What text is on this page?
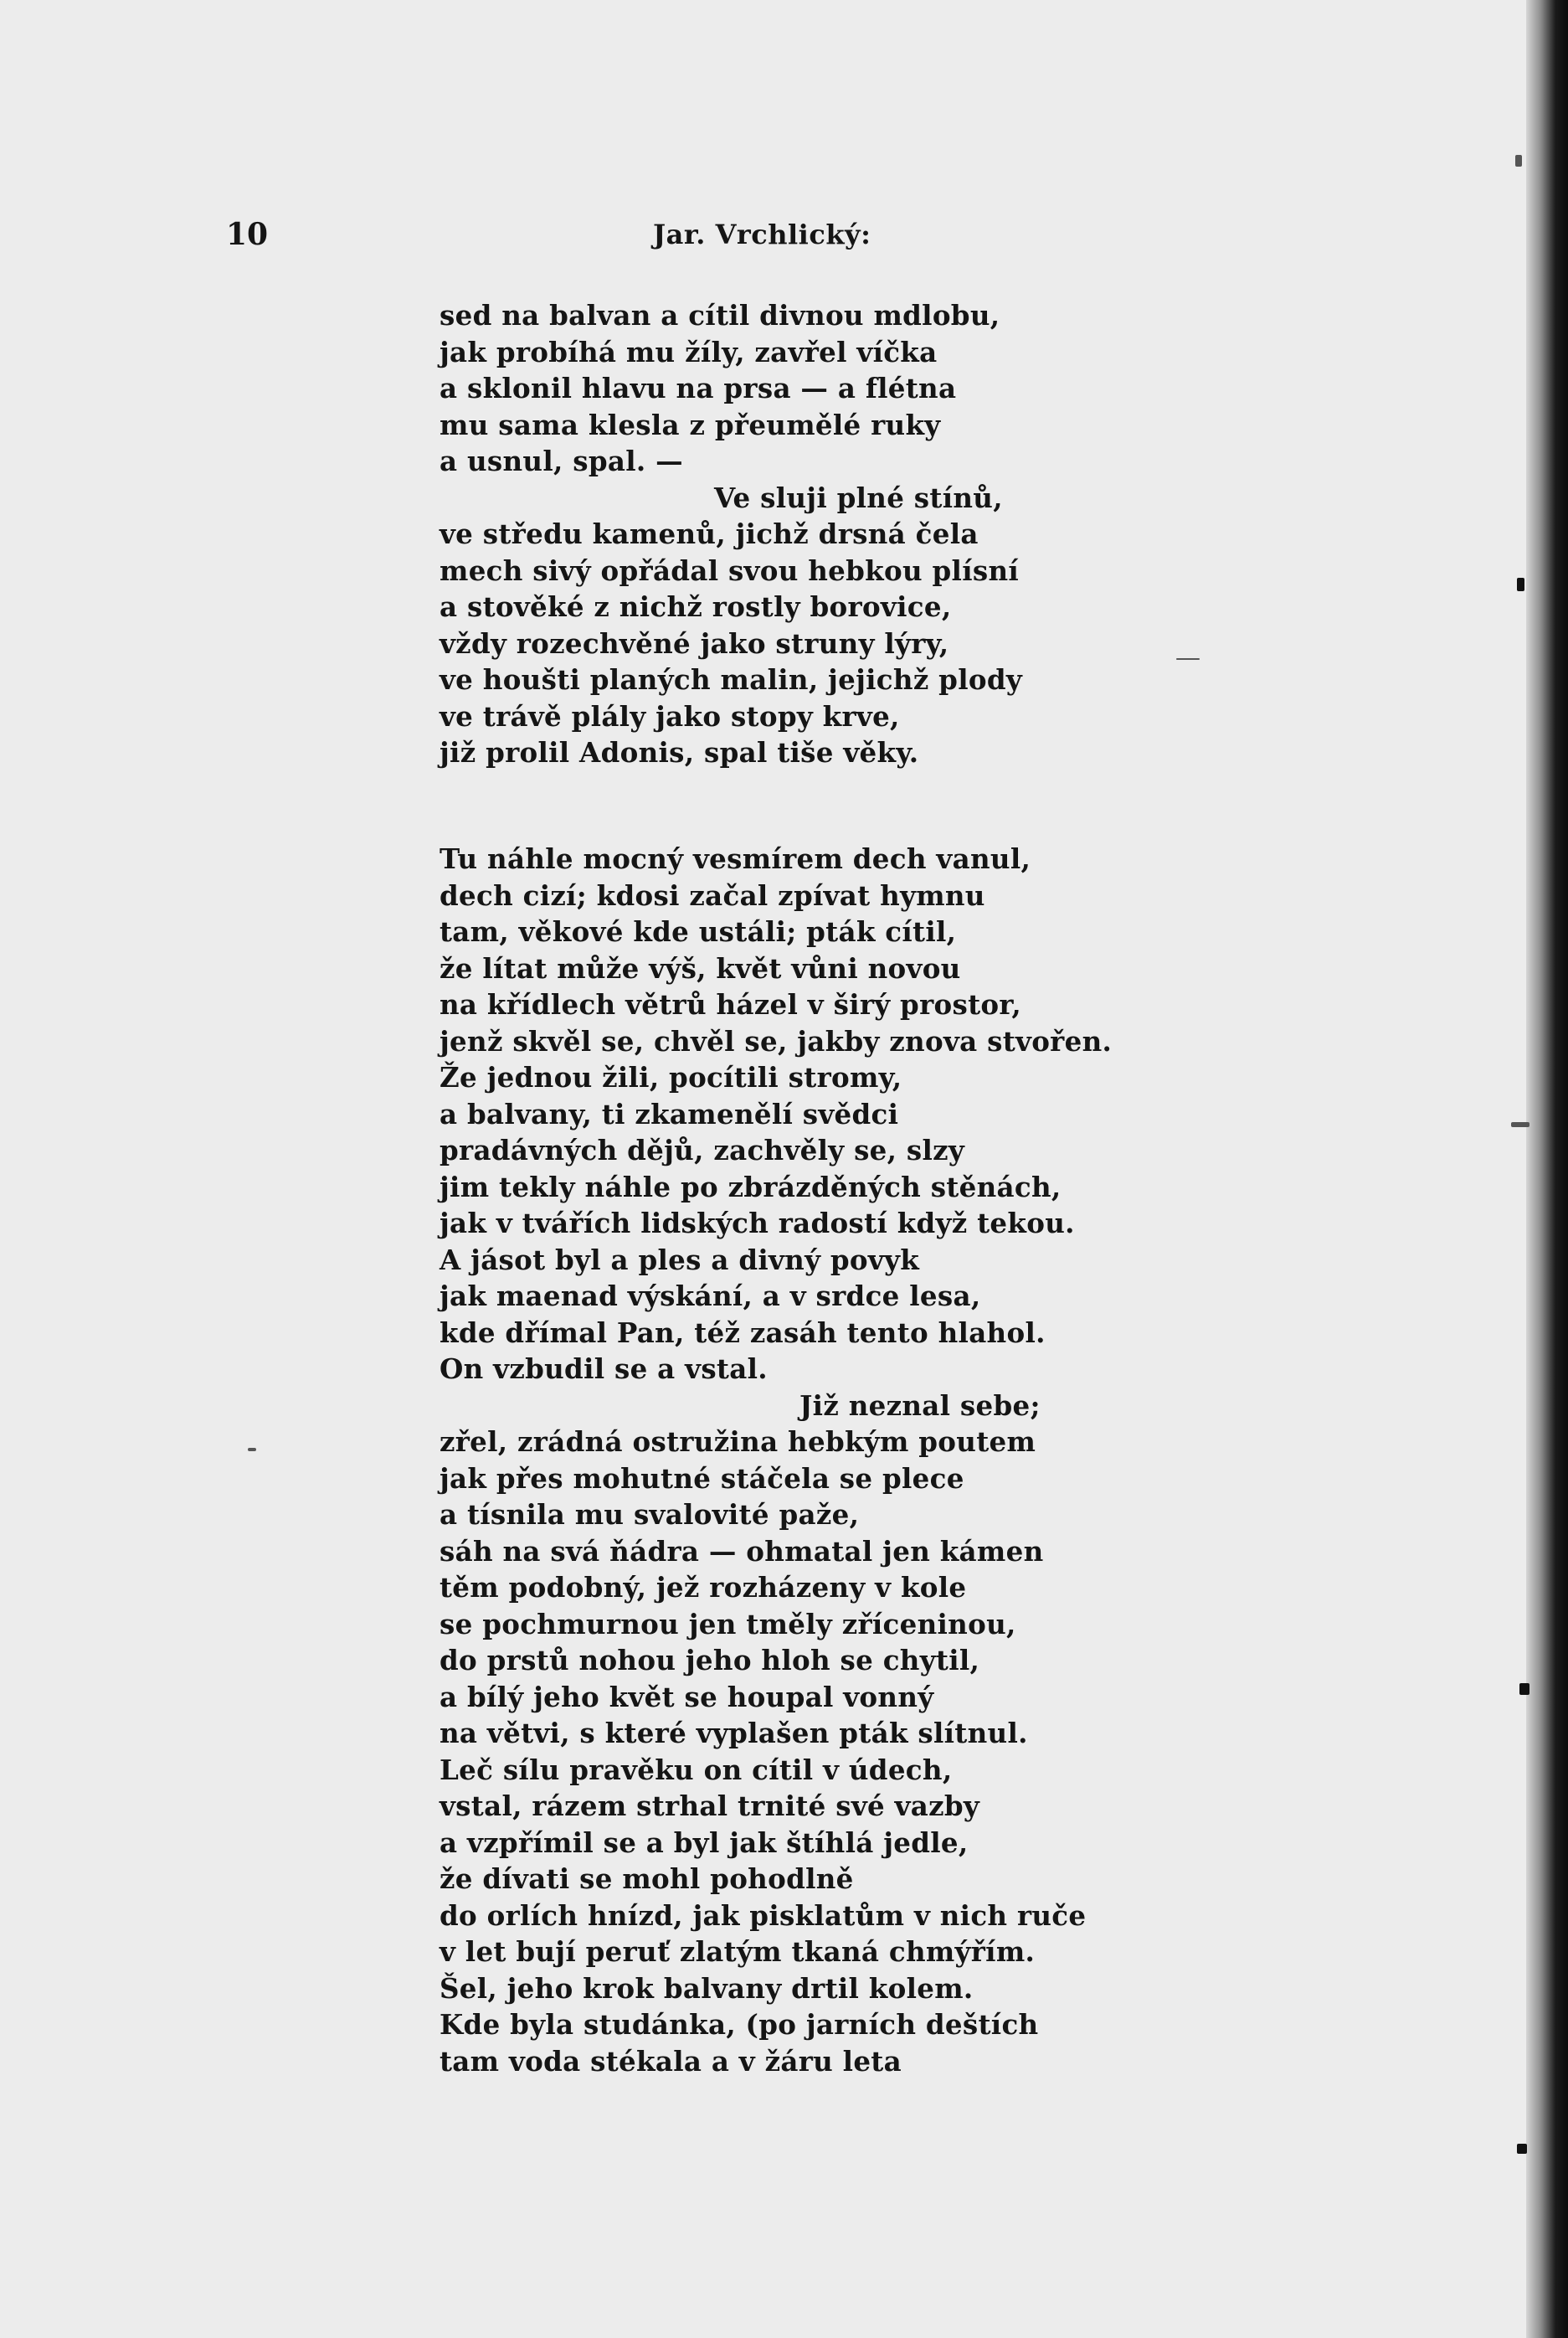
10	Jar. Vrchlický:
sed na balvan a cítil divnou mdlobu,
jak probíhá mu žíly, zavřel víčka
a sklonil hlavu na prsa — a flétna
mu sama klesla z přeumělé ruky
a usnul, spal. —
Ve sluji plné stínů,
ve středu kamenů, jichž drsná čela
mech sivý opřádal svou hebkou plísní
a stověké z nichž rostly borovice,
vždy rozechvěné jako struny lýry,
ve houšti planých malin, jejichž plody
ve trávě plály jako stopy krve,
již prolil Adonis, spal tiše věky.
Tu náhle mocný vesmírem dech vanul,
dech cizí; kdosi začal zpívat hymnu
tam, věkové kde ustáli; pták cítil,
že lítat může výš, květ vůni novou
na křídlech větrů házel v širý prostor,
jenž skvěl se, chvěl se, jakby znova stvořen.
Že jednou žili, pocítili stromy,
a balvany, ti zkamenělí svědci
pradávných dějů, zachvěly se, slzy
jim tekly náhle po zbrázděných stěnách,
jak v tvářích lidských radostí když tekou.
A jásot byl a ples a divný povyk
jak maenad výskání, a v srdce lesa,
kde dřímal Pan, též zasáh tento hlahol.
On vzbudil se a vstal.
Již neznal sebe;
zřel, zrádná ostružina hebkým poutem
jak přes mohutné stáčela se plece
a tísnila mu svalovité paže,
sáh na svá ňádra — ohmatal jen kámen
těm podobný, jež rozházeny v kole
se pochmurnou jen tměly zříceninou,
do prstů nohou jeho hloh se chytil,
a bílý jeho květ se houpal vonný
na větvi, s které vyplašen pták slítnul.
Leč sílu pravěku on cítil v údech,
vstal, rázem strhal trnité své vazby
a vzpřímil se a byl jak štíhlá jedle,
že dívati se mohl pohodlně
do orlích hnízd, jak pisklatům v nich ruče
v let bují peruť zlatým tkaná chmýřím.
Šel, jeho krok balvany drtil kolem.
Kde byla studánka, (po jarních deštích
tam voda stékala a v žáru leta
